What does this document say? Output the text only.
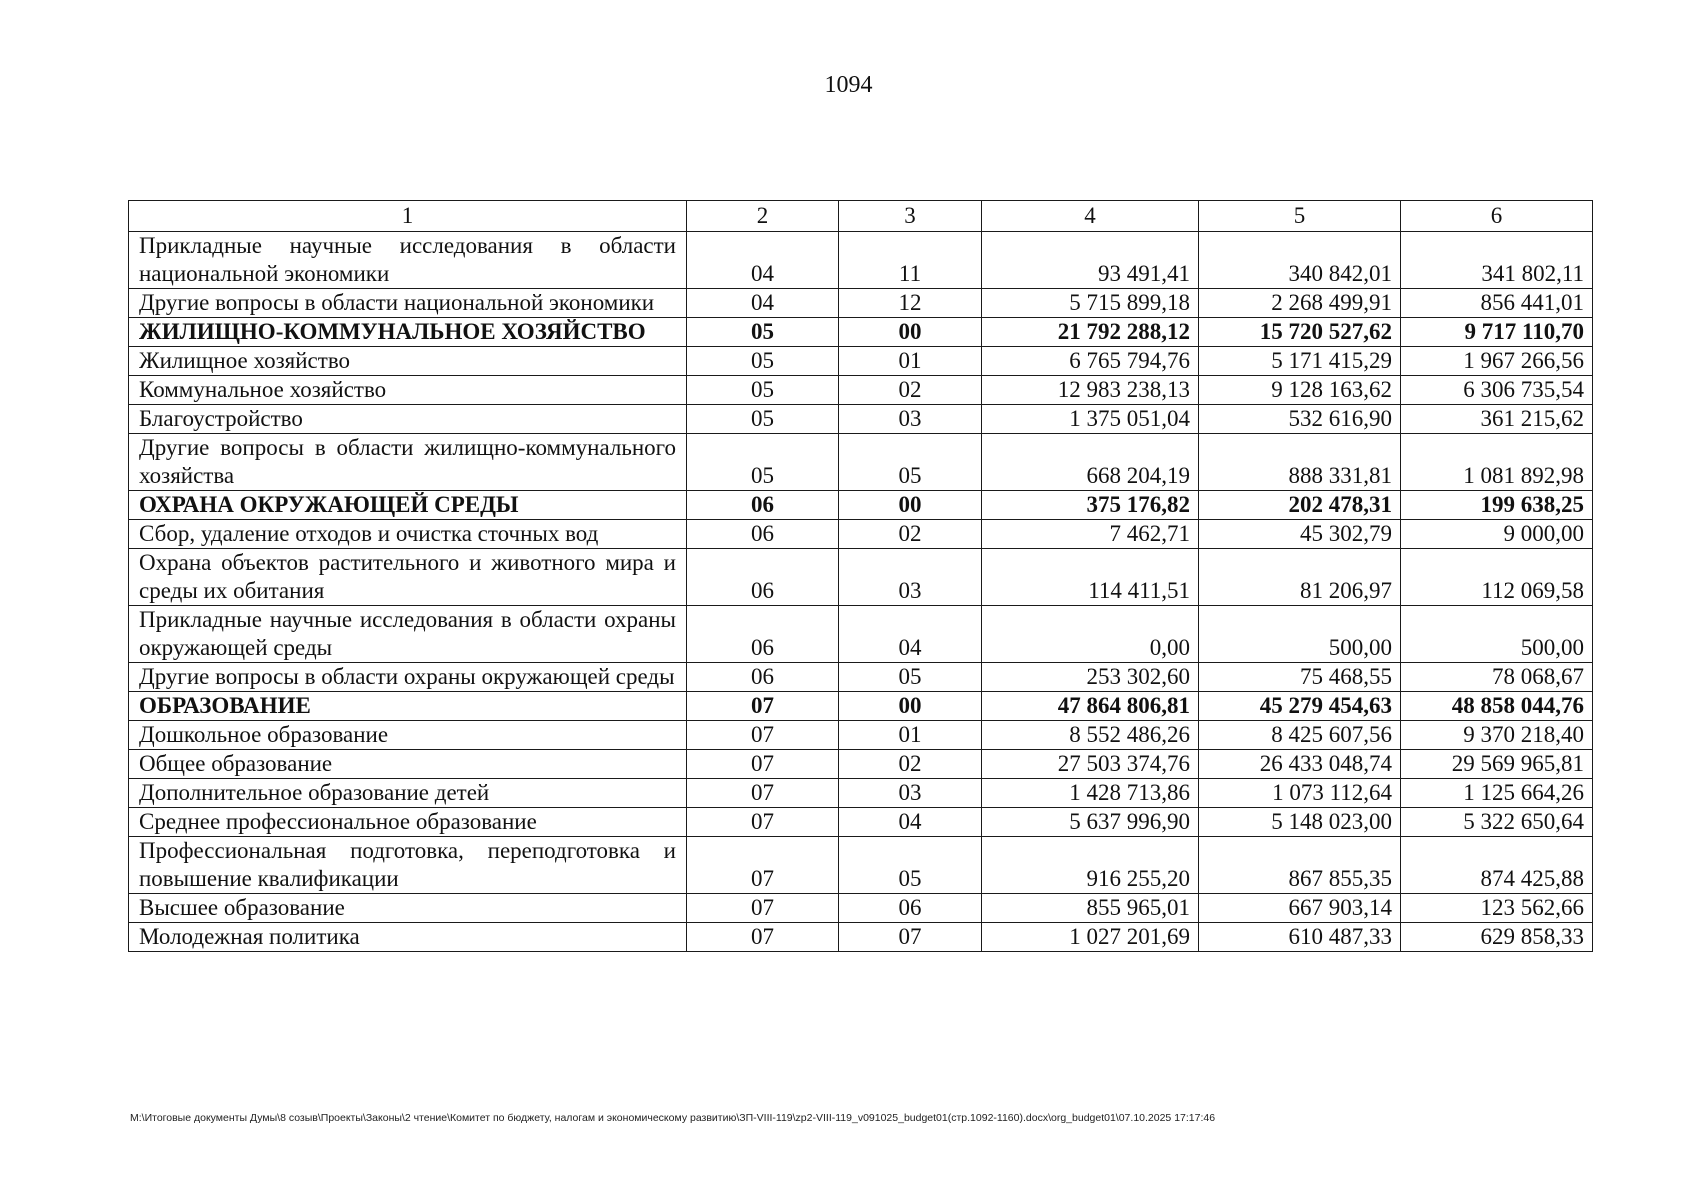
1094
1	2	3	4	5	6
Прикладные научные исследования в области национальной экономики	04	11	93 491,41	340 842,01	341 802,11
Другие вопросы в области национальной экономики	04	12	5 715 899,18	2 268 499,91	856 441,01
ЖИЛИЩНО-КОММУНАЛЬНОЕ ХОЗЯЙСТВО	05	00	21 792 288,12	15 720 527,62	9 717 110,70
Жилищное хозяйство	05	01	6 765 794,76	5 171 415,29	1 967 266,56
Коммунальное хозяйство	05	02	12 983 238,13	9 128 163,62	6 306 735,54
Благоустройство	05	03	1 375 051,04	532 616,90	361 215,62
Другие вопросы в области жилищно-коммунального хозяйства	05	05	668 204,19	888 331,81	1 081 892,98
ОХРАНА ОКРУЖАЮЩЕЙ СРЕДЫ	06	00	375 176,82	202 478,31	199 638,25
Сбор, удаление отходов и очистка сточных вод	06	02	7 462,71	45 302,79	9 000,00
Охрана объектов растительного и животного мира и среды их обитания	06	03	114 411,51	81 206,97	112 069,58
Прикладные научные исследования в области охраны окружающей среды	06	04	0,00	500,00	500,00
Другие вопросы в области охраны окружающей среды	06	05	253 302,60	75 468,55	78 068,67
ОБРАЗОВАНИЕ	07	00	47 864 806,81	45 279 454,63	48 858 044,76
Дошкольное образование	07	01	8 552 486,26	8 425 607,56	9 370 218,40
Общее образование	07	02	27 503 374,76	26 433 048,74	29 569 965,81
Дополнительное образование детей	07	03	1 428 713,86	1 073 112,64	1 125 664,26
Среднее профессиональное образование	07	04	5 637 996,90	5 148 023,00	5 322 650,64
Профессиональная подготовка, переподготовка и повышение квалификации	07	05	916 255,20	867 855,35	874 425,88
Высшее образование	07	06	855 965,01	667 903,14	123 562,66
Молодежная политика	07	07	1 027 201,69	610 487,33	629 858,33
M:\Итоговые документы Думы\8 созыв\Проекты\Законы\2 чтение\Комитет по бюджету, налогам и экономическому развитию\ЗП-VIII-119\zp2-VIII-119_v091025_budget01(стр.1092-1160).docx\org_budget01\07.10.2025 17:17:46
